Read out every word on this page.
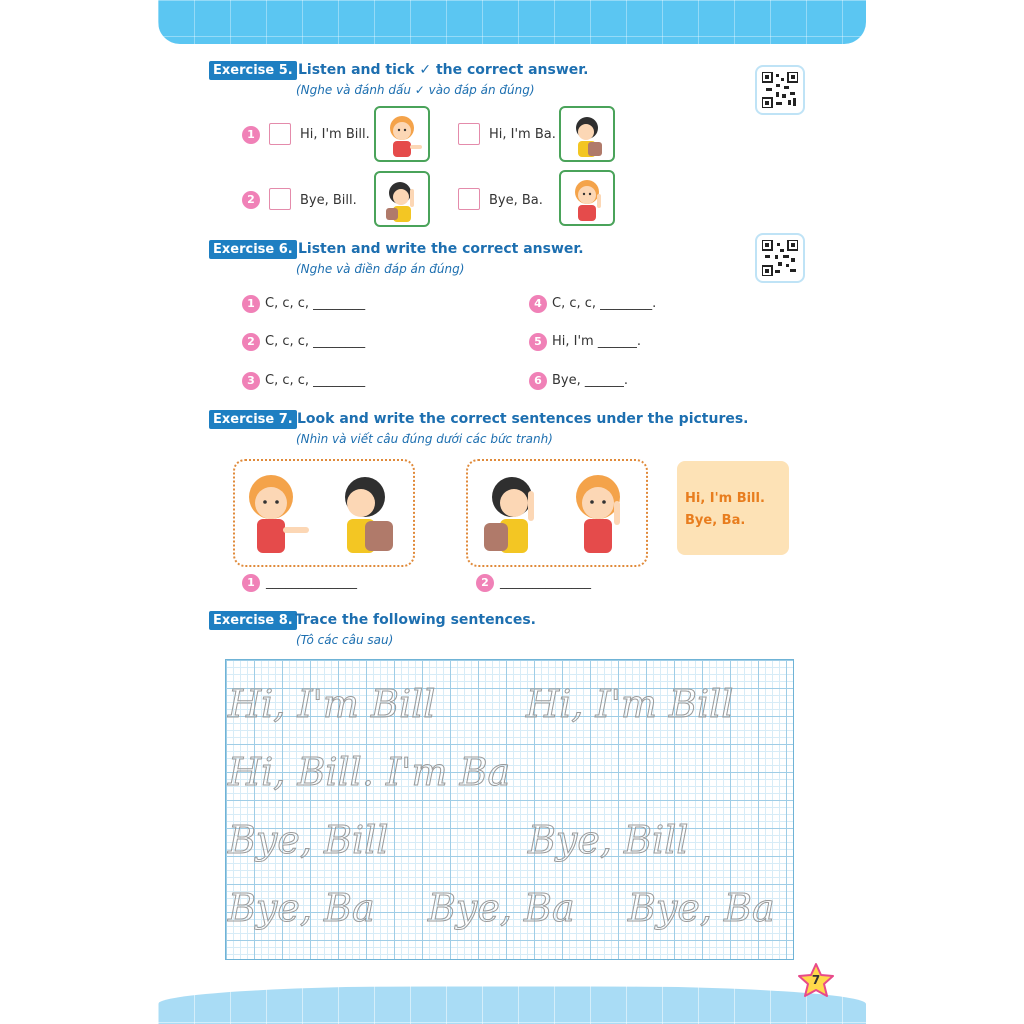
Exercise 5. Listen and tick ✓ the correct answer.
(Nghe và đánh dấu ✓ vào đáp án đúng)
1	Hi, I'm Bill.	Hi, I'm Ba.
2	Bye, Bill.	Bye, Ba.
Exercise 6. Listen and write the correct answer.
(Nghe và điền đáp án đúng)
1 C, c, c, ________
2 C, c, c, ________
3 C, c, c, ________
4 C, c, c, ________.
5 Hi, I'm ______.
6 Bye, ______.
Exercise 7. Look and write the correct sentences under the pictures.
(Nhìn và viết câu đúng dưới các bức tranh)
Hi, I'm Bill.
Bye, Ba.
1 ______________	2 ______________
Exercise 8. Trace the following sentences.
(Tô các câu sau)
Hi, I'm Bill Hi, I'm Bill
Hi, Bill. I'm Ba
Bye, Bill	Bye, Bill
Bye, Ba Bye, Ba Bye, Ba
7
